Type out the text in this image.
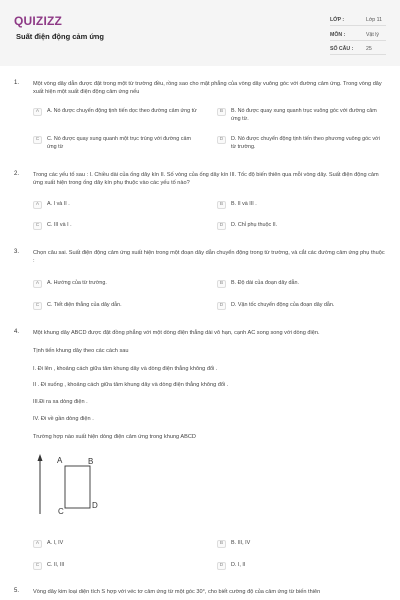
QUIZIZZ
Suất điện động cảm ứng
LỚP :	Lớp 11
MÔN :	Vật lý
SỐ CÂU : 25
1. Một vòng dây dẫn được đặt trong một từ trường đều, rồng sao cho mặt phẳng của vòng dây vuông góc với đường cảm ứng. Trong vòng dây xuất hiện một suất điện động cảm ứng nếu
A	A. Nó được chuyển động tịnh tiến dọc theo đường cảm ứng từ	B	B. Nó được quay xung quanh trục vuông góc với đường cảm ứng từ.
C	C. Nó được quay xung quanh một trục trùng với đường cảm ứng từ
D	D. Nó được chuyển động tịnh tiến theo phương vuông góc với từ trường.
2. Trong các yếu tố sau : I. Chiều dài của ống dây kín II. Số vòng của ống dây kín III. Tốc độ biến thiên qua mỗi vòng dây. Suất điện động cảm ứng xuất hiện trong ống dây kín phụ thuộc vào các yếu tố nào?
A	A. I và II .	B	B. II và III .
C	C. III và I .	D	D. Chỉ phụ thuộc II.
3. Chọn câu sai. Suất điện động cảm ứng xuất hiện trong một đoạn dây dẫn chuyển động trong từ trường, và cắt các đường cảm ứng phụ thuộc :
A	A. Hướng của từ trường.	B	B. Độ dài của đoạn dây dẫn.
C	C. Tiết diện thẳng của dây dẫn.	D	D. Vận tốc chuyển động của đoạn dây dẫn.
4. Một khung dây ABCD được đặt đồng phẳng với một dòng điện thẳng dài vô hạn, cạnh AC song song với dòng điện.
Tịnh tiến khung dây theo các cách sau
I. Đi lên , khoảng cách giữa tâm khung dây và dòng điện thẳng không đổi .
II . Đi xuống , khoảng cách giữa tâm khung dây và dòng điện thẳng không đổi .
III.Đi ra xa dòng điện .
IV. Đi về gần dòng điện .
Trường hợp nào xuất hiện dòng điện cảm ứng trong khung ABCD
A	A. I, IV	B	B. III, IV
C	C. II, III	D	D. I, II
A	B
C
D
5. Vòng dây kim loại diện tích S hợp với véc tơ cảm ứng từ một góc 30°, cho biết cường độ của cảm ứng từ biến thiên
